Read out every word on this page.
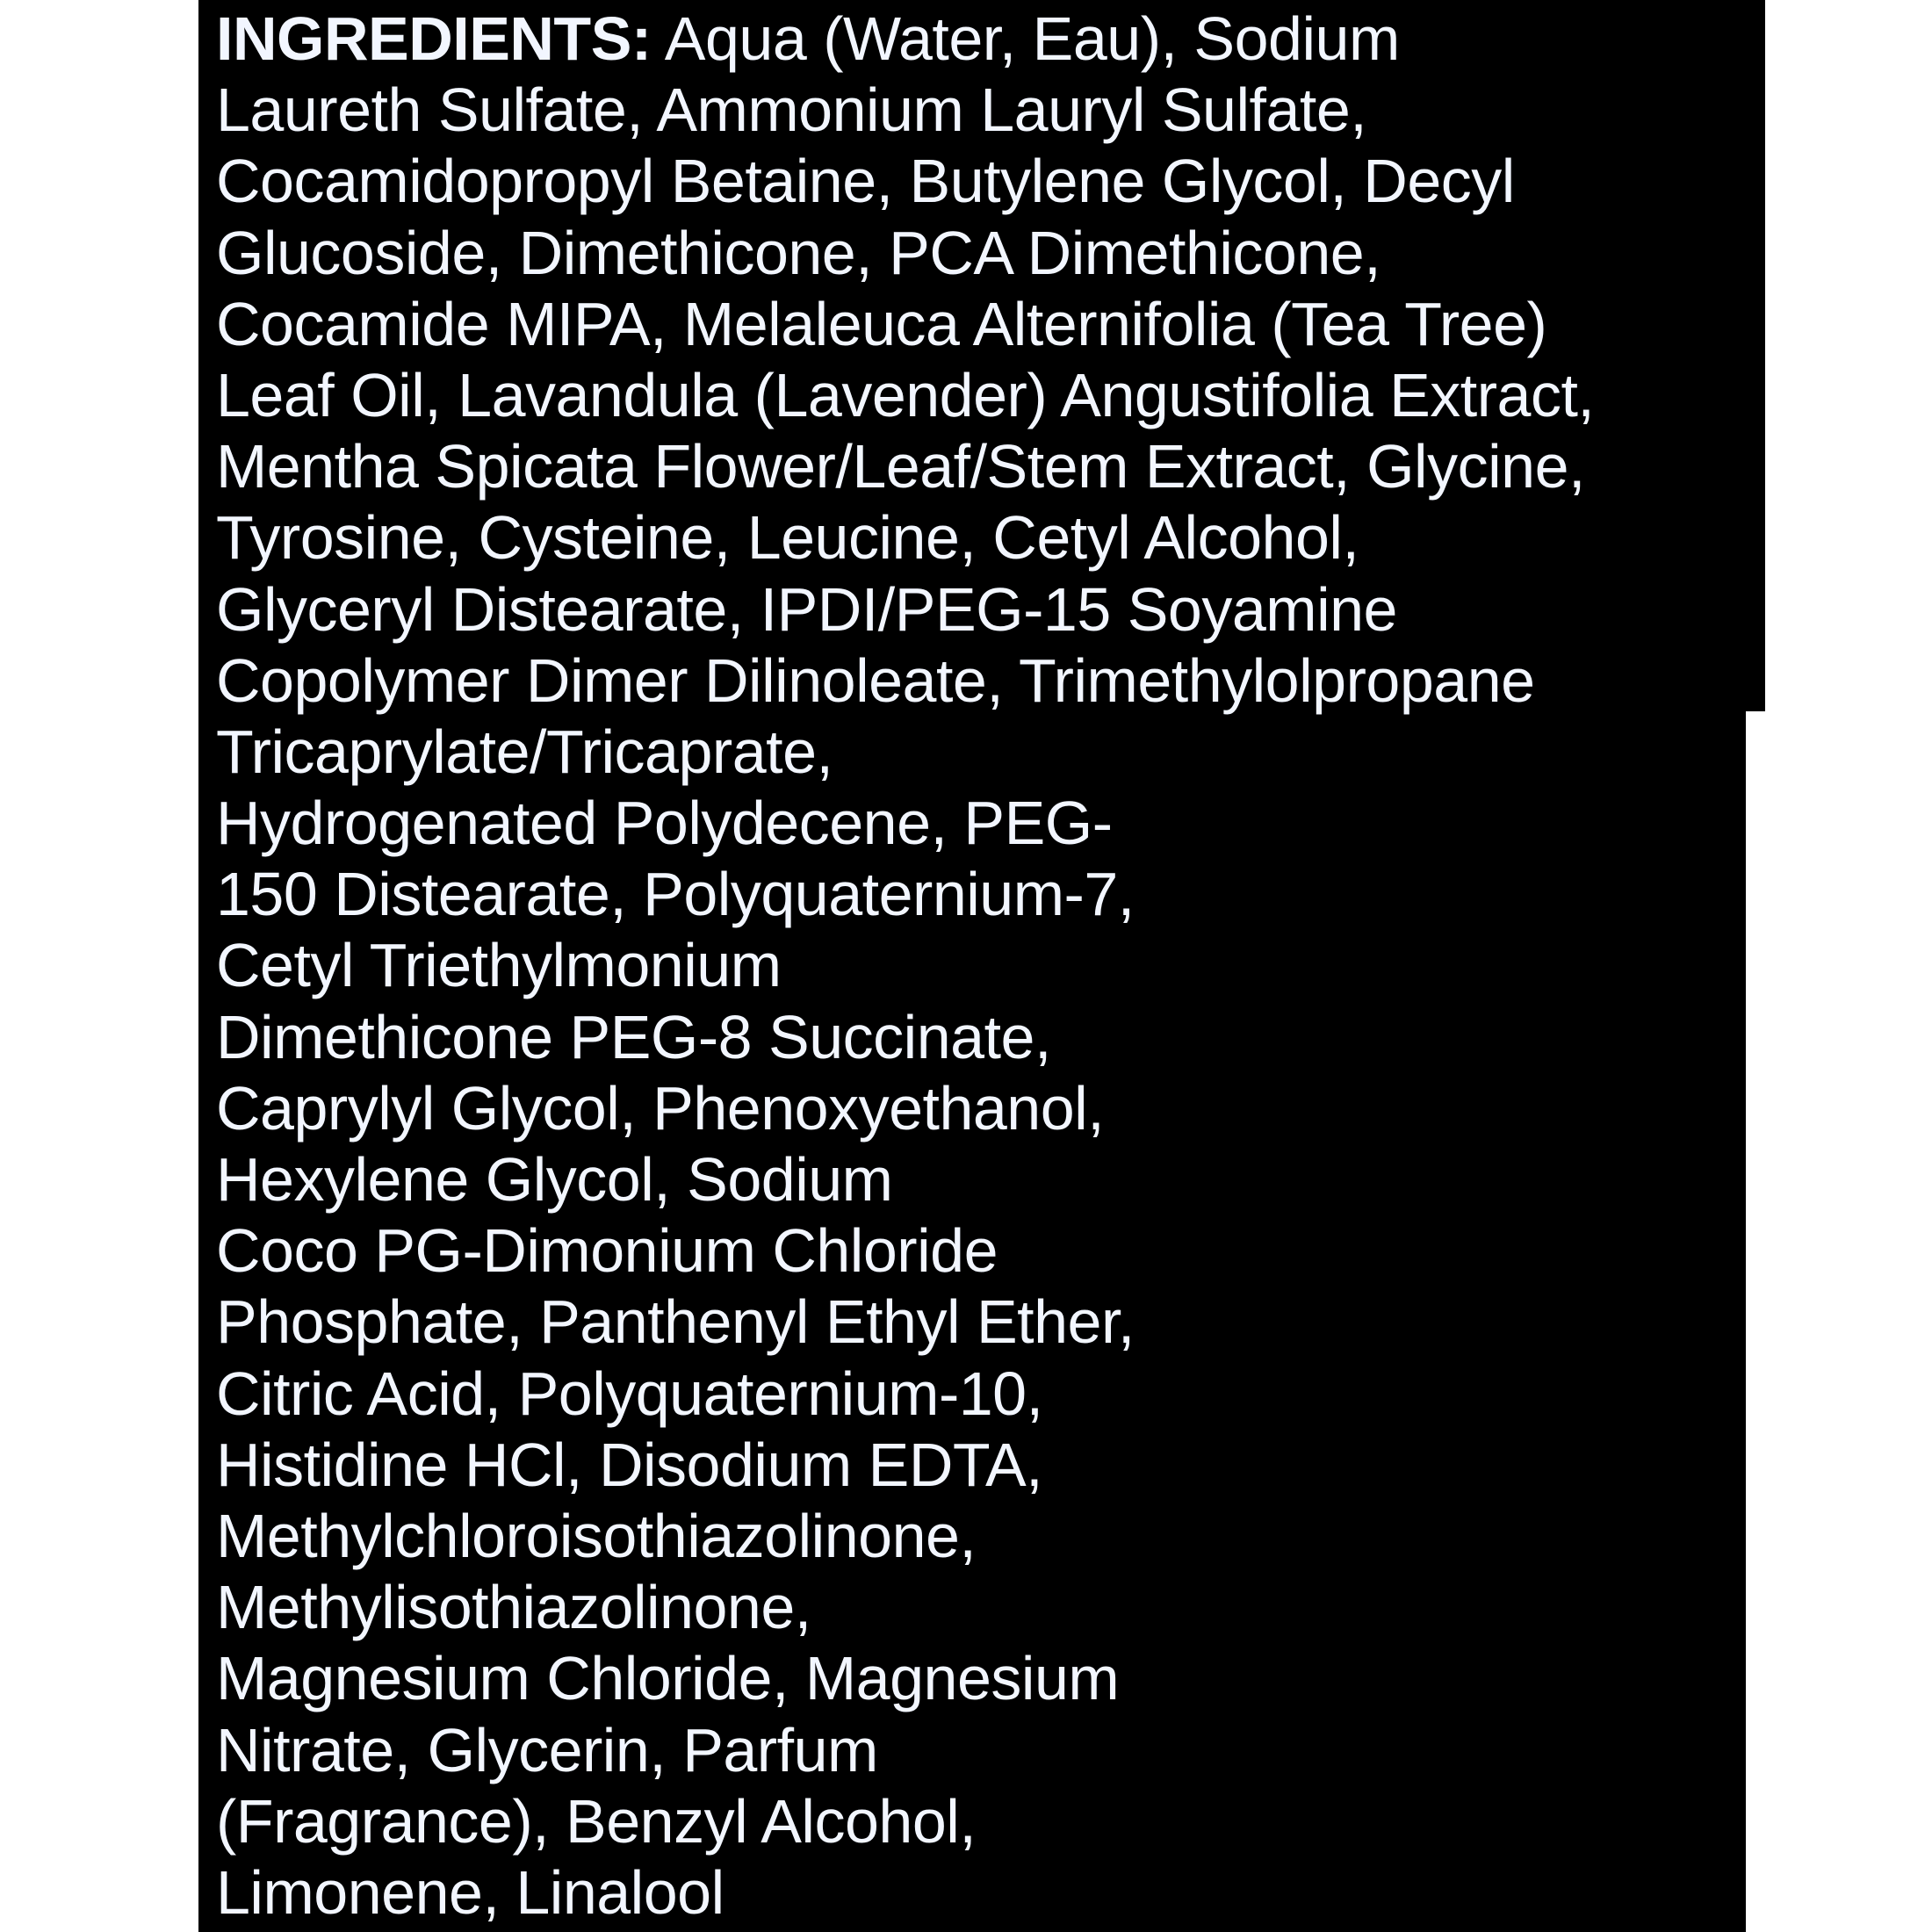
INGREDIENTS: Aqua (Water, Eau), Sodium
Laureth Sulfate, Ammonium Lauryl Sulfate,
Cocamidopropyl Betaine, Butylene Glycol, Decyl
Glucoside, Dimethicone, PCA Dimethicone,
Cocamide MIPA, Melaleuca Alternifolia (Tea Tree)
Leaf Oil, Lavandula (Lavender) Angustifolia Extract,
Mentha Spicata Flower/Leaf/Stem Extract, Glycine,
Tyrosine, Cysteine, Leucine, Cetyl Alcohol,
Glyceryl Distearate, IPDI/PEG-15 Soyamine
Copolymer Dimer Dilinoleate, Trimethylolpropane
Tricaprylate/Tricaprate,
Hydrogenated Polydecene, PEG-
150 Distearate, Polyquaternium-7,
Cetyl Triethylmonium
Dimethicone PEG-8 Succinate,
Caprylyl Glycol, Phenoxyethanol,
Hexylene Glycol, Sodium
Coco PG-Dimonium Chloride
Phosphate, Panthenyl Ethyl Ether,
Citric Acid, Polyquaternium-10,
Histidine HCl, Disodium EDTA,
Methylchloroisothiazolinone,
Methylisothiazolinone,
Magnesium Chloride, Magnesium
Nitrate, Glycerin, Parfum
(Fragrance), Benzyl Alcohol,
Limonene, Linalool
